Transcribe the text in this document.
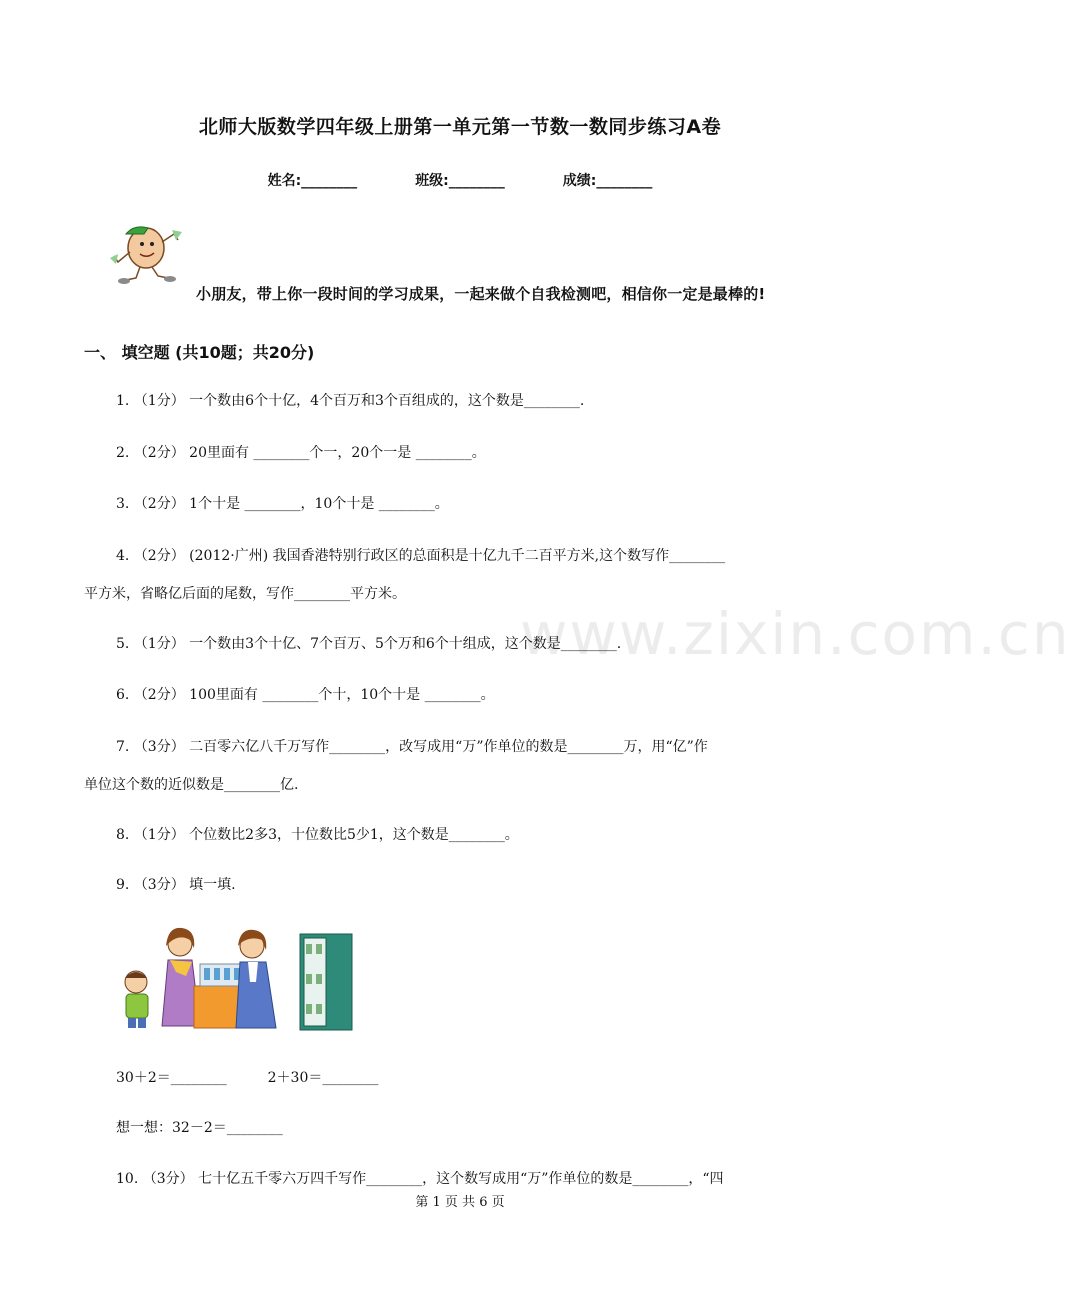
北师大版数学四年级上册第一单元第一节数一数同步练习A卷
姓名:________	班级:________	成绩:________
小朋友，带上你一段时间的学习成果，一起来做个自我检测吧，相信你一定是最棒的!
一、 填空题 (共10题；共20分)
www.zixin.com.cn
1. （1分） 一个数由6个十亿，4个百万和3个百组成的，这个数是________.
2. （2分） 20里面有 ________个一，20个一是 ________。
3. （2分） 1个十是 ________，10个十是 ________。
4. （2分） (2012·广州) 我国香港特别行政区的总面积是十亿九千二百平方米,这个数写作________
平方米，省略亿后面的尾数，写作________平方米。
5. （1分） 一个数由3个十亿、7个百万、5个万和6个十组成，这个数是________.
6. （2分） 100里面有 ________个十，10个十是 ________。
7. （3分） 二百零六亿八千万写作________，改写成用“万”作单位的数是________万，用“亿”作
单位这个数的近似数是________亿.
8. （1分） 个位数比2多3，十位数比5少1，这个数是________。
9. （3分） 填一填.
30＋2＝________	2＋30＝________
想一想：32－2＝________
10. （3分） 七十亿五千零六万四千写作________，这个数写成用“万”作单位的数是________，“四
第 1 页 共 6 页
